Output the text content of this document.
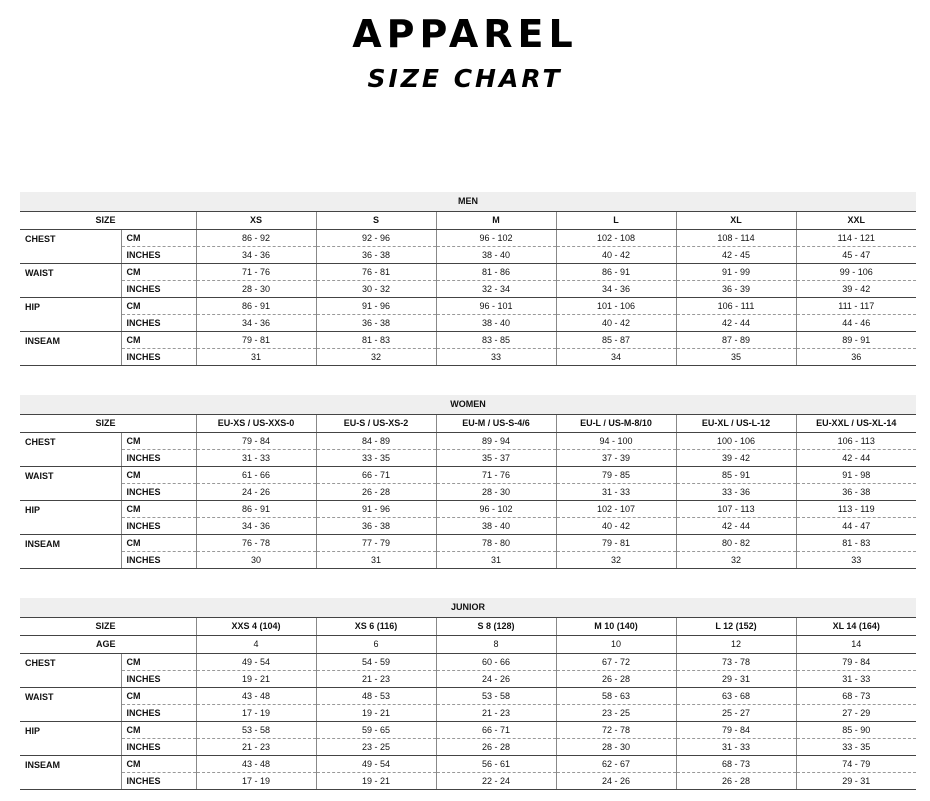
APPAREL
SIZE CHART
MEN							
SIZE		XS	S	M	L	XL	XXL
CHEST	CM	86 - 92	92 - 96	96 - 102	102 - 108	108 - 114	114 - 121
	INCHES	34 - 36	36 - 38	38 - 40	40 - 42	42 - 45	45 - 47
WAIST	CM	71 - 76	76 - 81	81 - 86	86 - 91	91 - 99	99 - 106
	INCHES	28 - 30	30 - 32	32 - 34	34 - 36	36 - 39	39 - 42
HIP	CM	86 - 91	91 - 96	96 - 101	101 - 106	106 - 111	111 - 117
	INCHES	34 - 36	36 - 38	38 - 40	40 - 42	42 - 44	44 - 46
INSEAM	CM	79 - 81	81 - 83	83 - 85	85 - 87	87 - 89	89 - 91
	INCHES	31	32	33	34	35	36
WOMEN							
SIZE		EU-XS / US-XXS-0	EU-S / US-XS-2	EU-M / US-S-4/6	EU-L / US-M-8/10	EU-XL / US-L-12	EU-XXL / US-XL-14
CHEST	CM	79 - 84	84 - 89	89 - 94	94 - 100	100 - 106	106 - 113
	INCHES	31 - 33	33 - 35	35 - 37	37 - 39	39 - 42	42 - 44
WAIST	CM	61 - 66	66 - 71	71 - 76	79 - 85	85 - 91	91 - 98
	INCHES	24 - 26	26 - 28	28 - 30	31 - 33	33 - 36	36 - 38
HIP	CM	86 - 91	91 - 96	96 - 102	102 - 107	107 - 113	113 - 119
	INCHES	34 - 36	36 - 38	38 - 40	40 - 42	42 - 44	44 - 47
INSEAM	CM	76 - 78	77 - 79	78 - 80	79 - 81	80 - 82	81 - 83
	INCHES	30	31	31	32	32	33
JUNIOR							
SIZE		XXS 4 (104)	XS 6 (116)	S 8 (128)	M 10 (140)	L 12 (152)	XL 14 (164)
AGE		4	6	8	10	12	14
CHEST	CM	49 - 54	54 - 59	60 - 66	67 - 72	73 - 78	79 - 84
	INCHES	19 - 21	21 - 23	24 - 26	26 - 28	29 - 31	31 - 33
WAIST	CM	43 - 48	48 - 53	53 - 58	58 - 63	63 - 68	68 - 73
	INCHES	17 - 19	19 - 21	21 - 23	23 - 25	25 - 27	27 - 29
HIP	CM	53 - 58	59 - 65	66 - 71	72 - 78	79 - 84	85 - 90
	INCHES	21 - 23	23 - 25	26 - 28	28 - 30	31 - 33	33 - 35
INSEAM	CM	43 - 48	49 - 54	56 - 61	62 - 67	68 - 73	74 - 79
	INCHES	17 - 19	19 - 21	22 - 24	24 - 26	26 - 28	29 - 31
